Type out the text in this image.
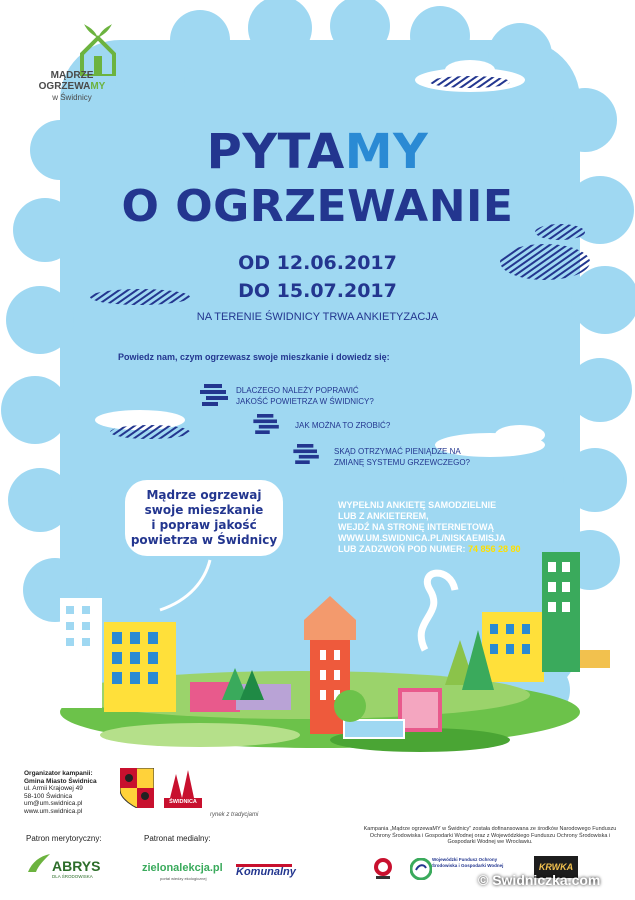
MĄDRZE
OGRZEWAMY
w Świdnicy
PYTAMY
O OGRZEWANIE
OD 12.06.2017
DO 15.07.2017
NA TERENIE ŚWIDNICY TRWA ANKIETYZACJA
Powiedz nam, czym ogrzewasz swoje mieszkanie i dowiedz się:
DLACZEGO NALEŻY POPRAWIĆ
JAKOŚĆ POWIETRZA W ŚWIDNICY?
JAK MOŻNA TO ZROBIĆ?
SKĄD OTRZYMAĆ PIENIĄDZE NA
ZMIANĘ SYSTEMU GRZEWCZEGO?
Mądrze ogrzewaj
swoje mieszkanie
i popraw jakość
powietrza w Świdnicy
WYPEŁNIJ ANKIETĘ SAMODZIELNIE
LUB Z ANKIETEREM,
WEJDŹ NA STRONĘ INTERNETOWĄ
WWW.UM.SWIDNICA.PL/NISKAEMISJA
LUB ZADZWOŃ POD NUMER: 74 856 28 80
Organizator kampanii:
Gmina Miasto Świdnica
ul. Armii Krajowej 49
58-100 Świdnica
um@um.swidnica.pl
www.um.swidnica.pl
ŚWIDNICA
rynek z tradycjami
Patron merytoryczny:	Patronat medialny:
ABRYS
DLA ŚRODOWISKA
zielonalekcja.pl
portal wiedzy ekologicznej
Komunalny
Kampania „Mądrze ogrzewaMY w Świdnicy” została dofinansowana ze środków Narodowego Funduszu Ochrony Środowiska i Gospodarki Wodnej oraz z Wojewódzkiego Funduszu Ochrony Środowiska i Gospodarki Wodnej we Wrocławiu.
Wojewódzki Fundusz Ochrony Środowiska i Gospodarki Wodnej	KRWKA
© Swidniczka.com
